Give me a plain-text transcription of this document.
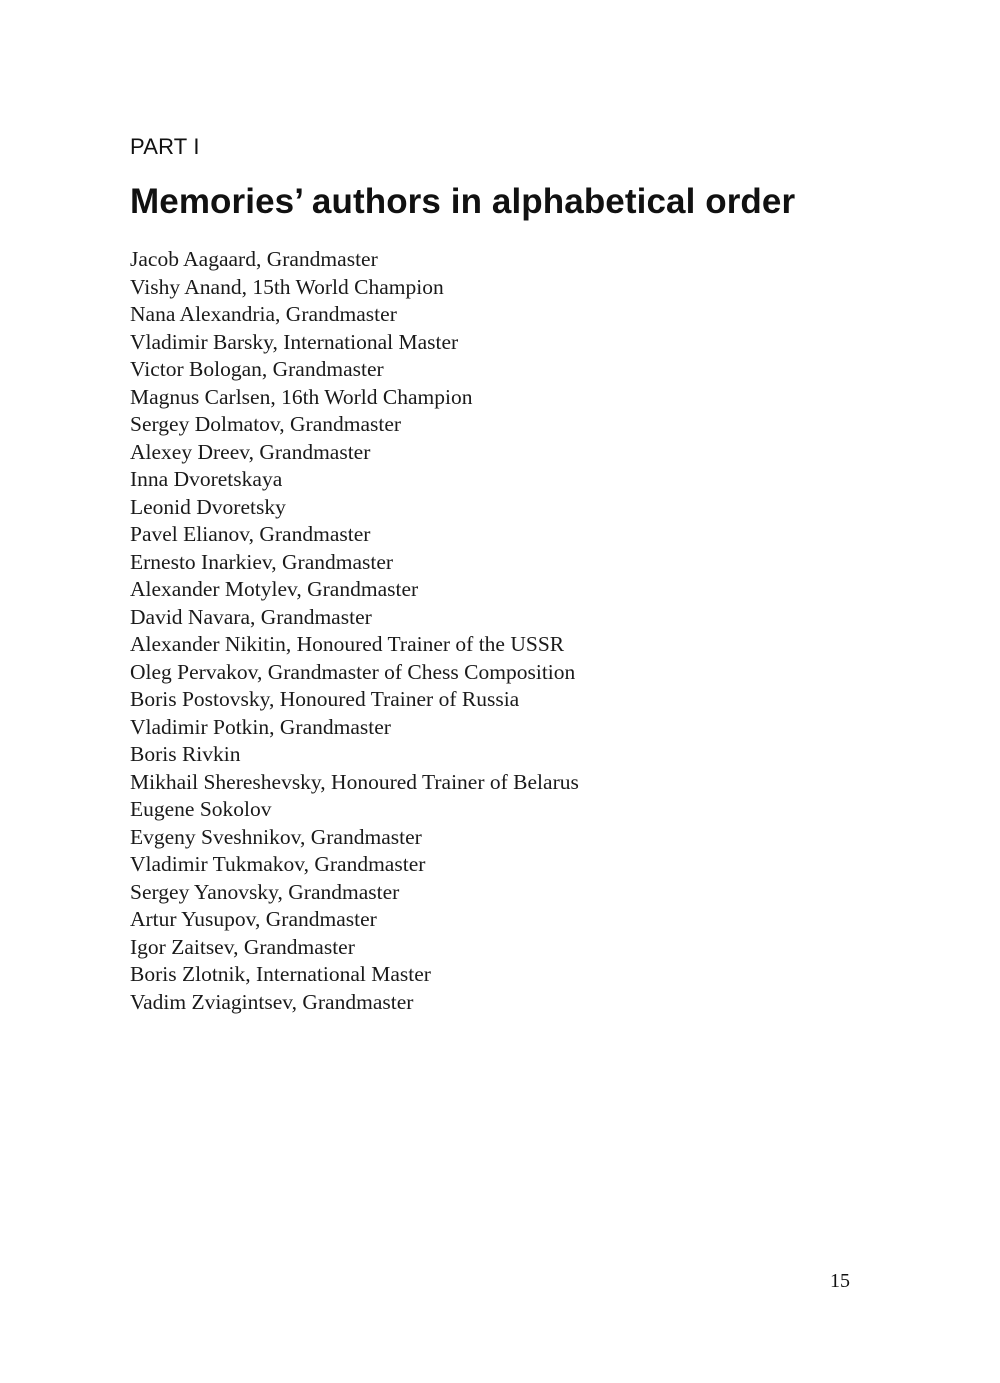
PART I
Memories’ authors in alphabetical order
Jacob Aagaard, Grandmaster
Vishy Anand, 15th World Champion
Nana Alexandria, Grandmaster
Vladimir Barsky, International Master
Victor Bologan, Grandmaster
Magnus Carlsen, 16th World Champion
Sergey Dolmatov, Grandmaster
Alexey Dreev, Grandmaster
Inna Dvoretskaya
Leonid Dvoretsky
Pavel Elianov, Grandmaster
Ernesto Inarkiev, Grandmaster
Alexander Motylev, Grandmaster
David Navara, Grandmaster
Alexander Nikitin, Honoured Trainer of the USSR
Oleg Pervakov, Grandmaster of Chess Composition
Boris Postovsky, Honoured Trainer of Russia
Vladimir Potkin, Grandmaster
Boris Rivkin
Mikhail Shereshevsky, Honoured Trainer of Belarus
Eugene Sokolov
Evgeny Sveshnikov, Grandmaster
Vladimir Tukmakov, Grandmaster
Sergey Yanovsky, Grandmaster
Artur Yusupov, Grandmaster
Igor Zaitsev, Grandmaster
Boris Zlotnik, International Master
Vadim Zviagintsev, Grandmaster
15
